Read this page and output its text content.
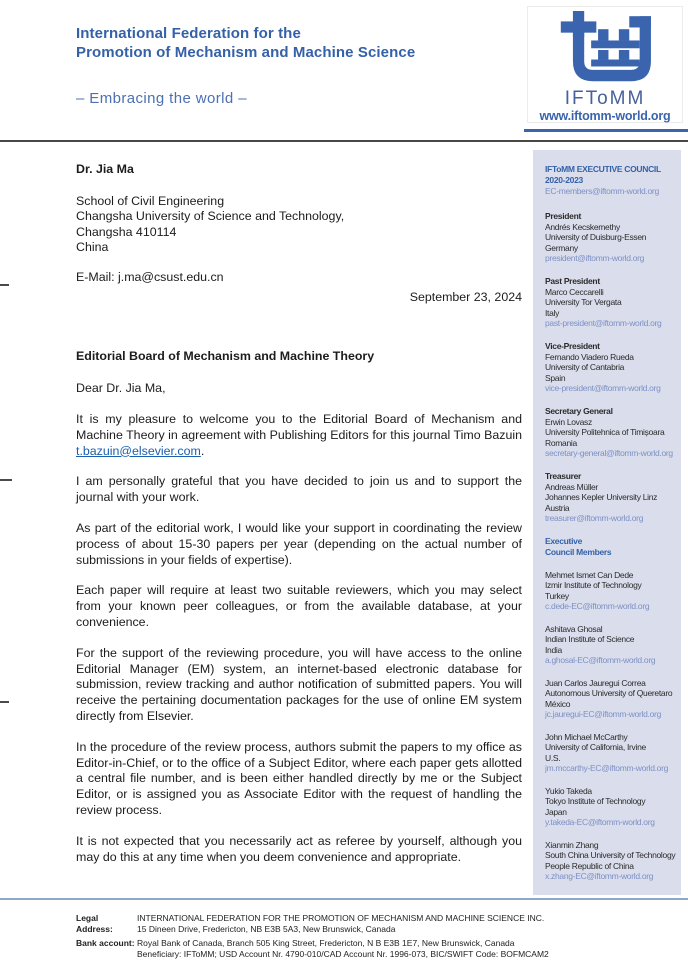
International Federation for the
Promotion of Mechanism and Machine Science
– Embracing the world –	IFToMM
www.iftomm-world.org
Dr. Jia Ma
School of Civil Engineering
Changsha University of Science and Technology,
Changsha 410114
China
E-Mail: j.ma@csust.edu.cn
September 23, 2024
Editorial Board of Mechanism and Machine Theory
Dear Dr. Jia Ma,

It is my pleasure to welcome you to the Editorial Board of Mechanism and Machine Theory in agreement with Publishing Editors for this journal Timo Bazuin t.bazuin@elsevier.com.

I am personally grateful that you have decided to join us and to support the journal with your work.

As part of the editorial work, I would like your support in coordinating the review process of about 15-30 papers per year (depending on the actual number of submissions in your fields of expertise).

Each paper will require at least two suitable reviewers, which you may select from your known peer colleagues, or from the available database, at your convenience.

For the support of the reviewing procedure, you will have access to the online Editorial Manager (EM) system, an internet-based electronic database for submission, review tracking and author notification of submitted papers. You will receive the pertaining documentation packages for the use of online EM system directly from Elsevier.

In the procedure of the review process, authors submit the papers to my office as Editor-in-Chief, or to the office of a Subject Editor, where each paper gets allotted a central file number, and is been either handled directly by me or the Subject Editor, or is assigned you as Associate Editor with the request of handling the review process.

It is not expected that you necessarily act as referee by yourself, although you may do this at any time when you deem convenience and appropriate.

IFToMM EXECUTIVE COUNCIL
2020-2023
EC-members@iftomm-world.org
President
Andrés Kecskemethy
University of Duisburg-Essen
Germany
president@iftomm-world.org
Past President
Marco Ceccarelli
University Tor Vergata
Italy
past-president@iftomm-world.org
Vice-President
Fernando Viadero Rueda
University of Cantabria
Spain
vice-president@iftomm-world.org
Secretary General
Erwin Lovasz
University Politehnica of Timișoara
Romania
secretary-general@iftomm-world.org
Treasurer
Andreas Müller
Johannes Kepler University Linz
Austria
treasurer@iftomm-world.org
Executive
Council Members
Mehmet Ismet Can Dede
Izmir Institute of Technology
Turkey
c.dede-EC@iftomm-world.org
Ashitava Ghosal
Indian Institute of Science
India
a.ghosal-EC@iftomm-world.org
Juan Carlos Jauregui Correa
Autonomous University of Queretaro
México
jc.jauregui-EC@iftomm-world.org
John Michael McCarthy
University of California, Irvine
U.S.
jm.mccarthy-EC@iftomm-world.org
Yukio Takeda
Tokyo Institute of Technology
Japan
y.takeda-EC@iftomm-world.org
Xianmin Zhang
South China University of Technology
People Republic of China
x.zhang-EC@iftomm-world.org
Legal Address:
INTERNATIONAL FEDERATION FOR THE PROMOTION OF MECHANISM AND MACHINE SCIENCE INC.
15 Dineen Drive, Fredericton, NB E3B 5A3, New Brunswick, Canada
Bank account: Royal Bank of Canada, Branch 505 King Street, Fredericton, N B E3B 1E7, New Brunswick, Canada
Beneficiary: IFToMM; USD Account Nr. 4790-010/CAD Account Nr. 1996-073, BIC/SWIFT Code: BOFMCAM2
